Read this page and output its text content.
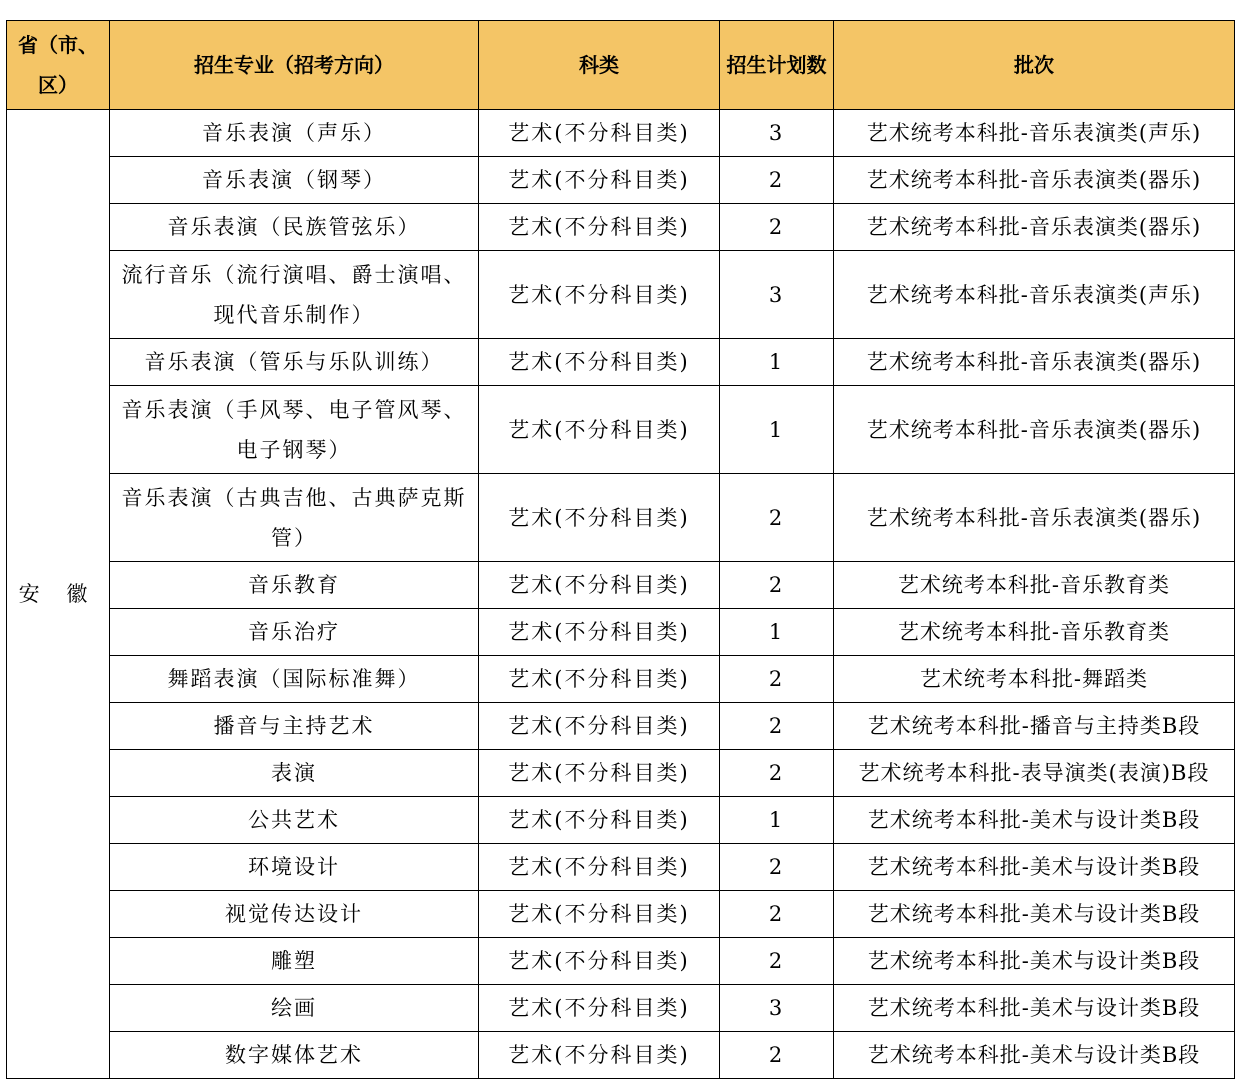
省（市、区）	招生专业（招考方向）	科类	招生计划数	批次
安 徽	音乐表演（声乐）	艺术(不分科目类)	3	艺术统考本科批-音乐表演类(声乐)
	音乐表演（钢琴）	艺术(不分科目类)	2	艺术统考本科批-音乐表演类(器乐)
	音乐表演（民族管弦乐）	艺术(不分科目类)	2	艺术统考本科批-音乐表演类(器乐)
	流行音乐（流行演唱、爵士演唱、现代音乐制作）	艺术(不分科目类)	3	艺术统考本科批-音乐表演类(声乐)
	音乐表演（管乐与乐队训练）	艺术(不分科目类)	1	艺术统考本科批-音乐表演类(器乐)
	音乐表演（手风琴、电子管风琴、电子钢琴）	艺术(不分科目类)	1	艺术统考本科批-音乐表演类(器乐)
	音乐表演（古典吉他、古典萨克斯管）	艺术(不分科目类)	2	艺术统考本科批-音乐表演类(器乐)
	音乐教育	艺术(不分科目类)	2	艺术统考本科批-音乐教育类
	音乐治疗	艺术(不分科目类)	1	艺术统考本科批-音乐教育类
	舞蹈表演（国际标准舞）	艺术(不分科目类)	2	艺术统考本科批-舞蹈类
	播音与主持艺术	艺术(不分科目类)	2	艺术统考本科批-播音与主持类B段
	表演	艺术(不分科目类)	2	艺术统考本科批-表导演类(表演)B段
	公共艺术	艺术(不分科目类)	1	艺术统考本科批-美术与设计类B段
	环境设计	艺术(不分科目类)	2	艺术统考本科批-美术与设计类B段
	视觉传达设计	艺术(不分科目类)	2	艺术统考本科批-美术与设计类B段
	雕塑	艺术(不分科目类)	2	艺术统考本科批-美术与设计类B段
	绘画	艺术(不分科目类)	3	艺术统考本科批-美术与设计类B段
	数字媒体艺术	艺术(不分科目类)	2	艺术统考本科批-美术与设计类B段
